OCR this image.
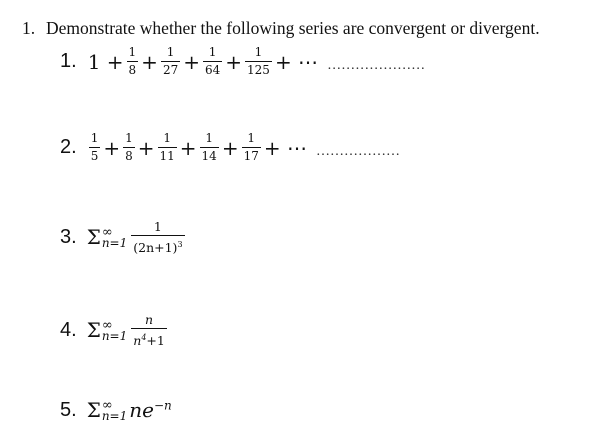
1. Demonstrate whether the following series are convergent or divergent.
1. $1 + \frac{1}{8} + \frac{1}{27} + \frac{1}{64} + \frac{1}{125}$ + ⋯ …………………
2. $\frac{1}{5} + \frac{1}{8} + \frac{1}{11} + \frac{1}{14} + \frac{1}{17}$ + ⋯ ………………
3. Σ ∞
$n=1 \frac{1}{(2n+1)^3}$
4. Σ ∞
$n=1 \frac{n}{n^4+1}$
5. Σ ∞
n=1 $ne^{-n}$
